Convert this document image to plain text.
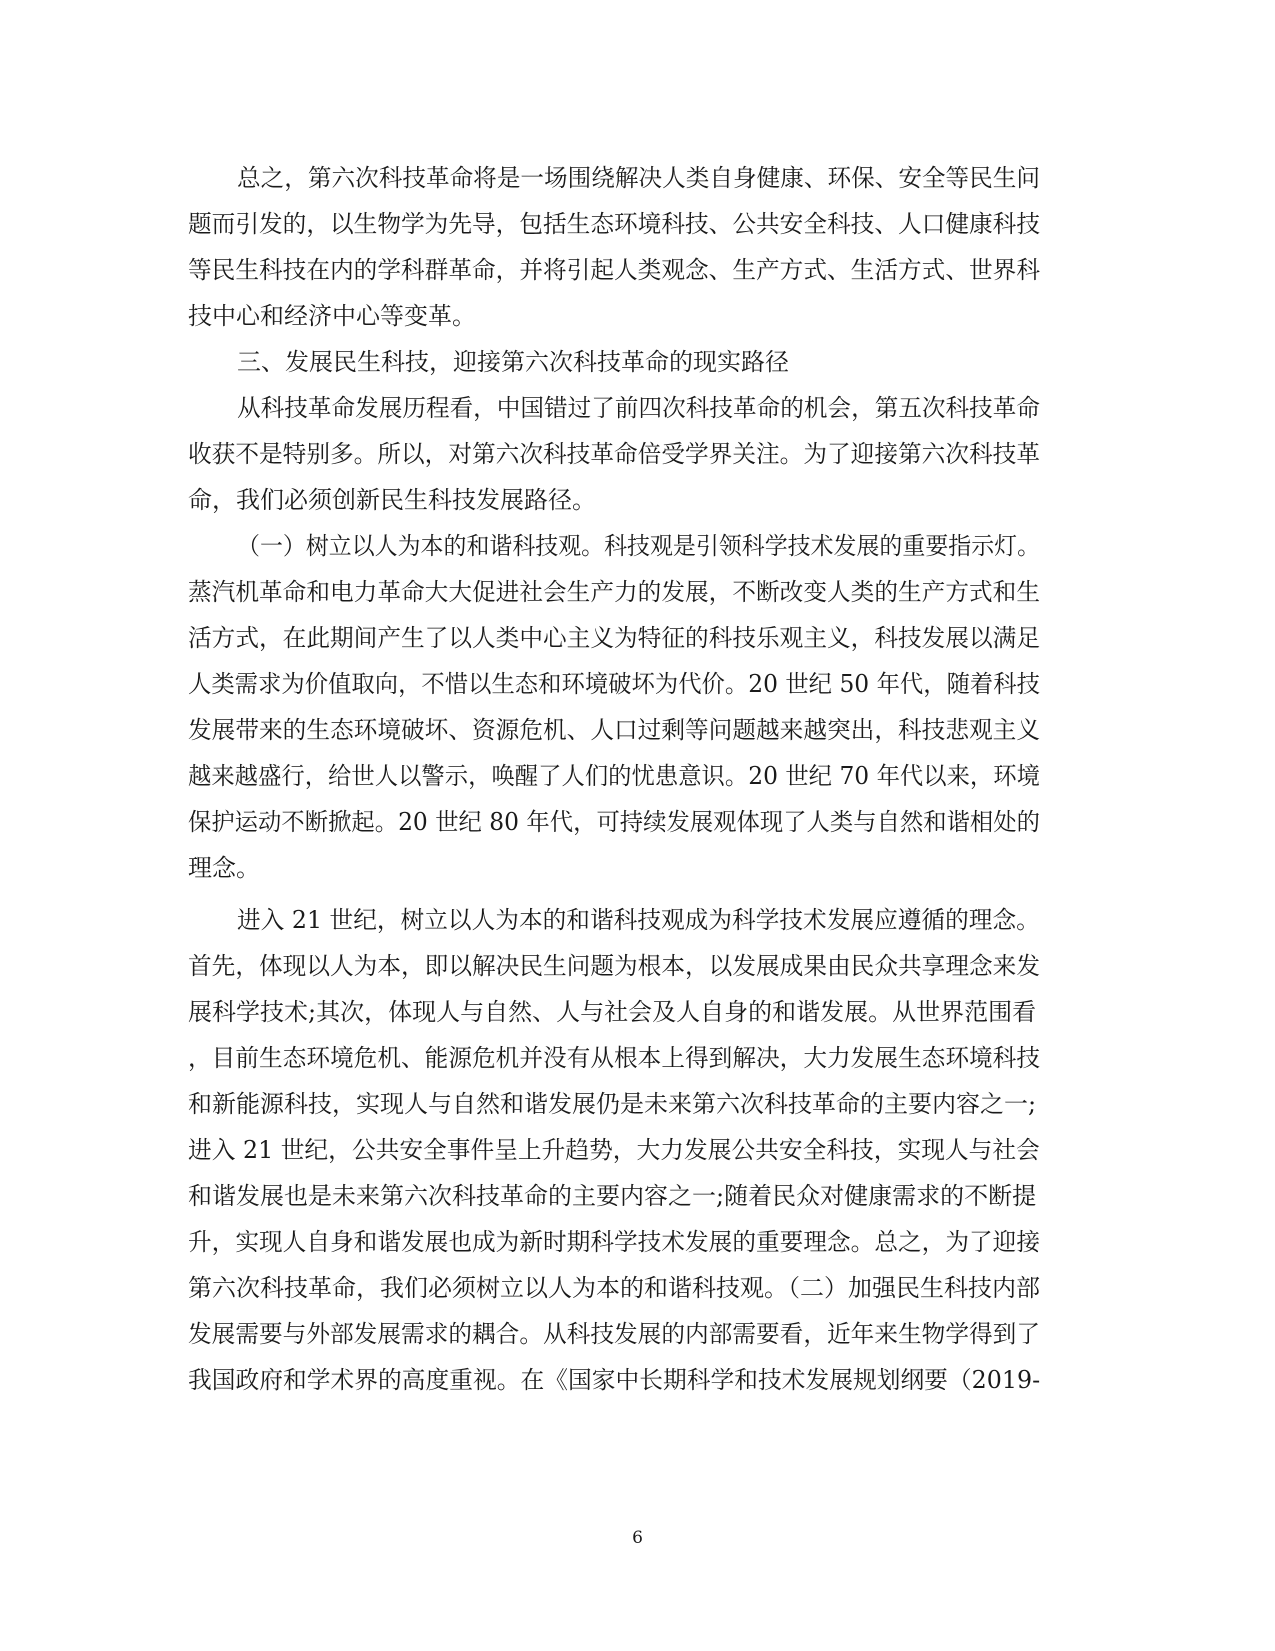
总之，第六次科技革命将是一场围绕解决人类自身健康、环保、安全等民生问
题而引发的，以生物学为先导，包括生态环境科技、公共安全科技、人口健康科技
等民生科技在内的学科群革命，并将引起人类观念、生产方式、生活方式、世界科
技中心和经济中心等变革。
三、发展民生科技，迎接第六次科技革命的现实路径
从科技革命发展历程看，中国错过了前四次科技革命的机会，第五次科技革命
收获不是特别多。所以，对第六次科技革命倍受学界关注。为了迎接第六次科技革
命，我们必须创新民生科技发展路径。
（一）树立以人为本的和谐科技观。科技观是引领科学技术发展的重要指示灯。
蒸汽机革命和电力革命大大促进社会生产力的发展，不断改变人类的生产方式和生
活方式，在此期间产生了以人类中心主义为特征的科技乐观主义，科技发展以满足
人类需求为价值取向，不惜以生态和环境破坏为代价。20 世纪 50 年代，随着科技
发展带来的生态环境破坏、资源危机、人口过剩等问题越来越突出，科技悲观主义
越来越盛行，给世人以警示，唤醒了人们的忧患意识。20 世纪 70 年代以来，环境
保护运动不断掀起。20 世纪 80 年代，可持续发展观体现了人类与自然和谐相处的
理念。
进入 21 世纪，树立以人为本的和谐科技观成为科学技术发展应遵循的理念。
首先，体现以人为本，即以解决民生问题为根本，以发展成果由民众共享理念来发
展科学技术;其次，体现人与自然、人与社会及人自身的和谐发展。从世界范围看
，目前生态环境危机、能源危机并没有从根本上得到解决，大力发展生态环境科技
和新能源科技，实现人与自然和谐发展仍是未来第六次科技革命的主要内容之一;
进入 21 世纪，公共安全事件呈上升趋势，大力发展公共安全科技，实现人与社会
和谐发展也是未来第六次科技革命的主要内容之一;随着民众对健康需求的不断提
升，实现人自身和谐发展也成为新时期科学技术发展的重要理念。总之，为了迎接
第六次科技革命，我们必须树立以人为本的和谐科技观。（二）加强民生科技内部
发展需要与外部发展需求的耦合。从科技发展的内部需要看，近年来生物学得到了
我国政府和学术界的高度重视。在《国家中长期科学和技术发展规划纲要（2019-
6
